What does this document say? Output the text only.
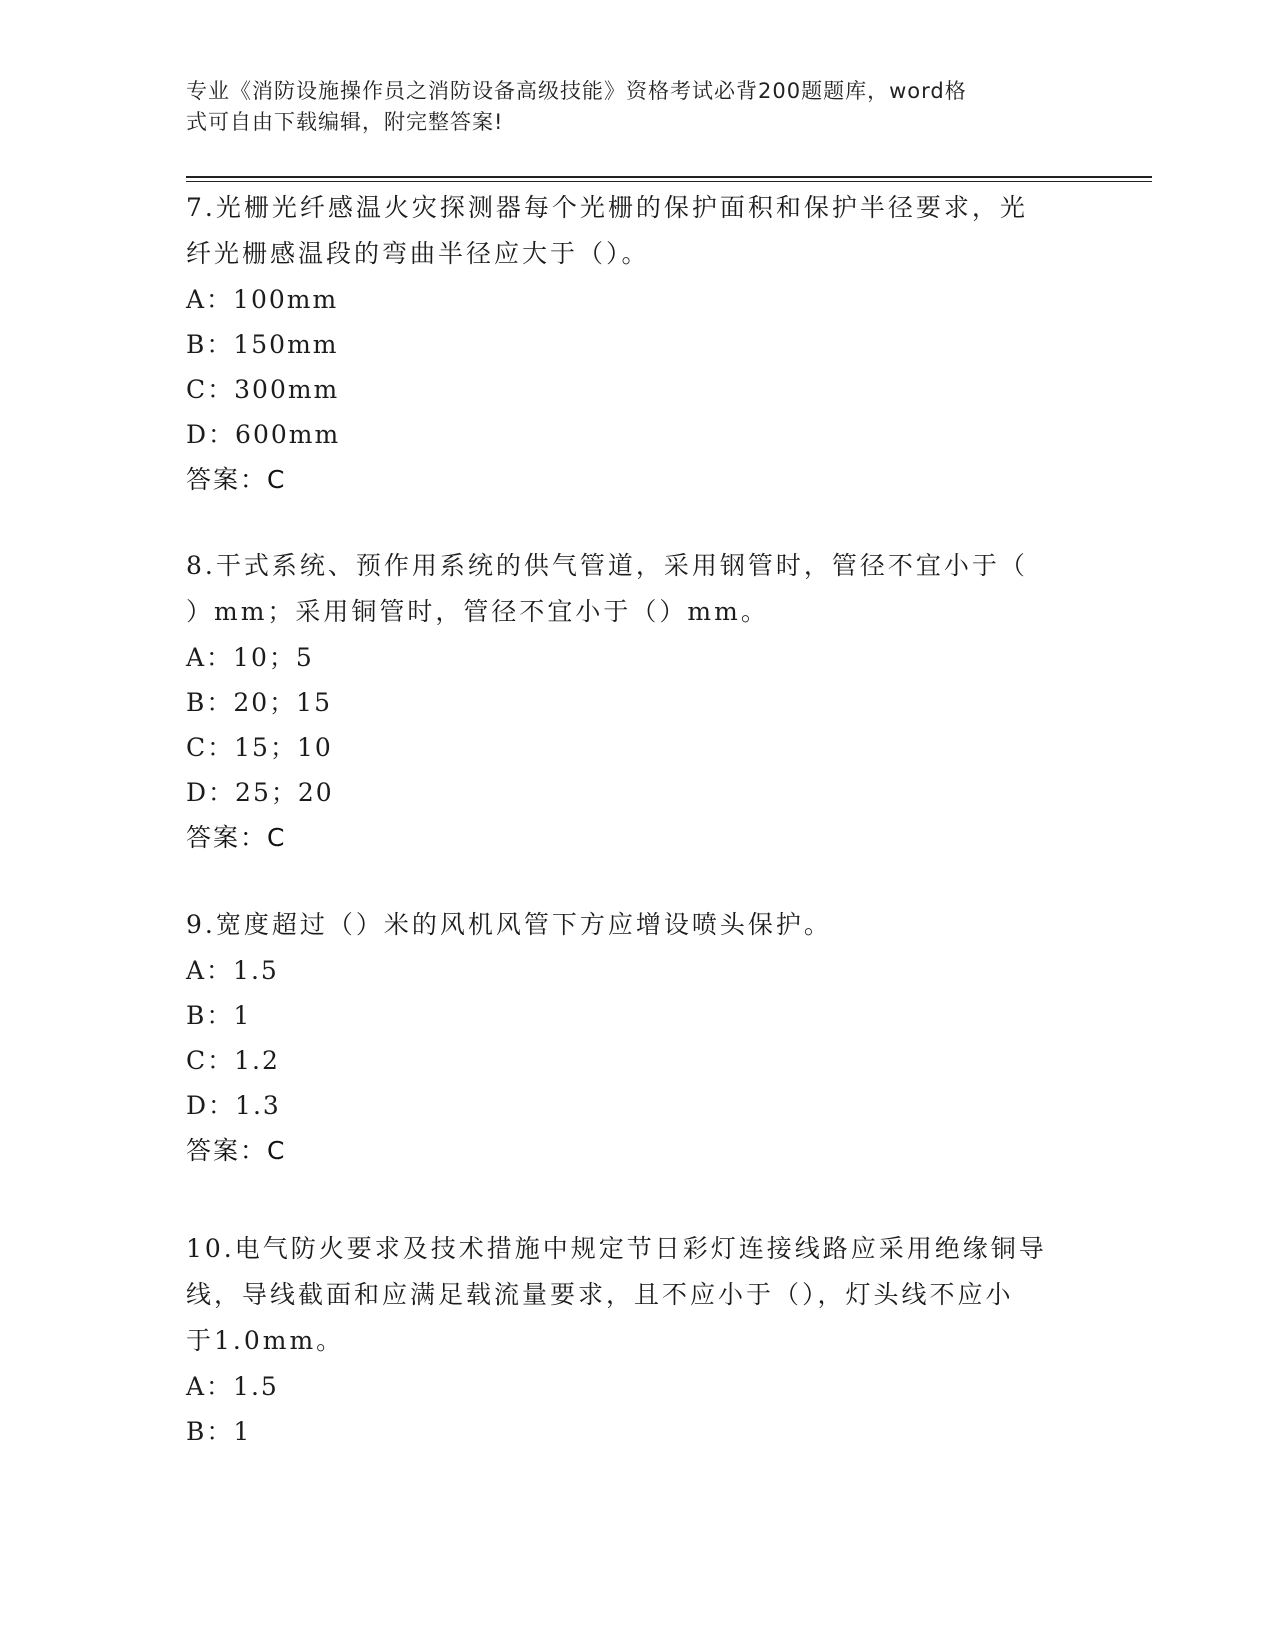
专业《消防设施操作员之消防设备高级技能》资格考试必背200题题库，word格
式可自由下载编辑，附完整答案!

7.光栅光纤感温火灾探测器每个光栅的保护面积和保护半径要求，光

纤光栅感温段的弯曲半径应大于（）。

A：100mm

B：150mm

C：300mm

D：600mm

答案：C

8.干式系统、预作用系统的供气管道，采用钢管时，管径不宜小于（

）mm；采用铜管时，管径不宜小于（）mm。

A：10；5

B：20；15

C：15；10

D：25；20

答案：C

9.宽度超过（）米的风机风管下方应增设喷头保护。

A：1.5

B：1

C：1.2

D：1.3

答案：C

10.电气防火要求及技术措施中规定节日彩灯连接线路应采用绝缘铜导

线，导线截面和应满足载流量要求，且不应小于（），灯头线不应小

于1.0mm。

A：1.5

B：1
